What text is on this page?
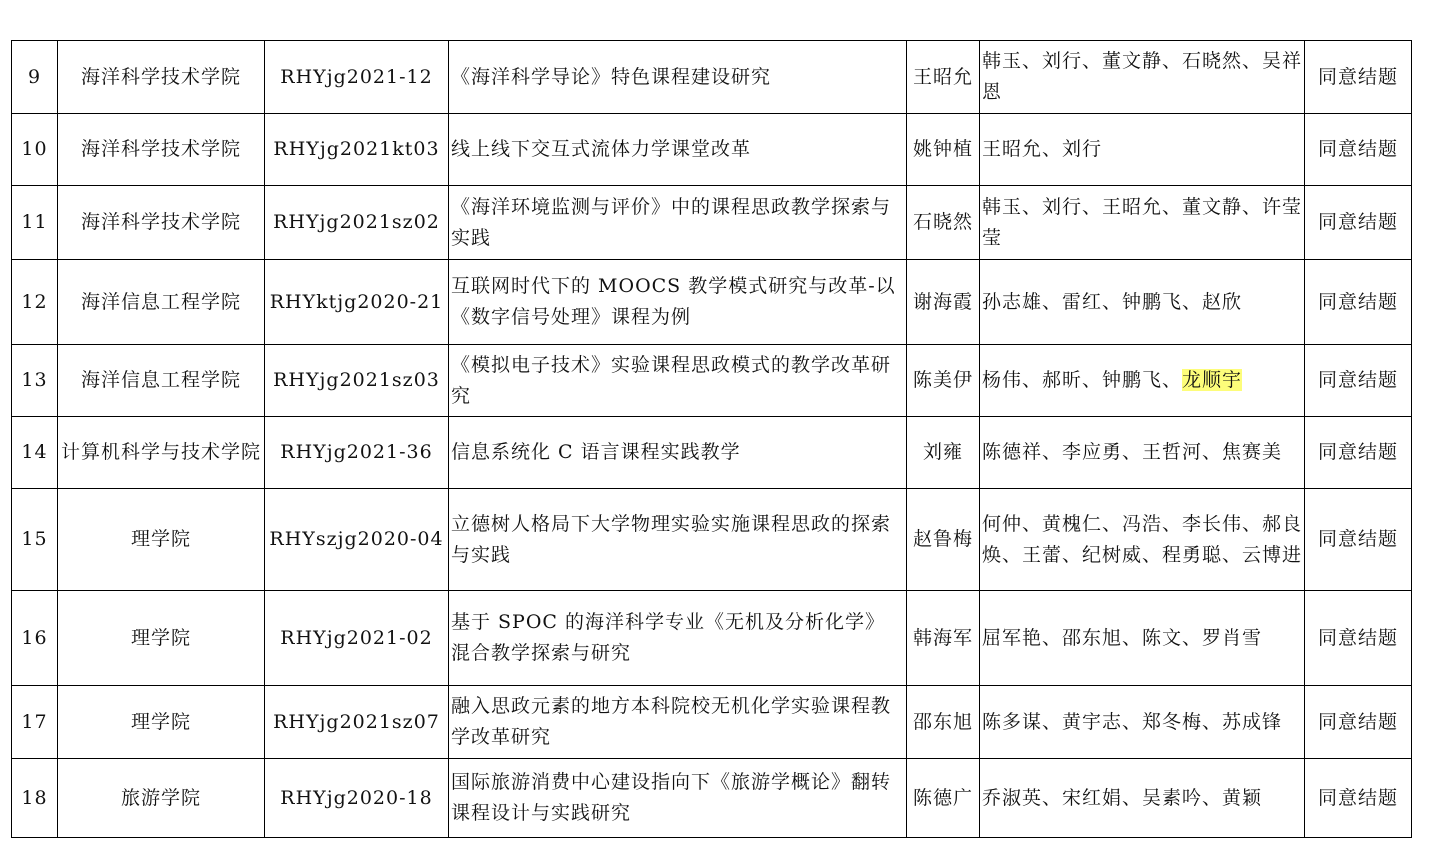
9	海洋科学技术学院	RHYjg2021-12	《海洋科学导论》特色课程建设研究	王昭允	韩玉、刘行、董文静、石晓然、吴祥恩	同意结题
10	海洋科学技术学院	RHYjg2021kt03	线上线下交互式流体力学课堂改革	姚钟植	王昭允、刘行	同意结题
11	海洋科学技术学院	RHYjg2021sz02	《海洋环境监测与评价》中的课程思政教学探索与实践	石晓然	韩玉、刘行、王昭允、董文静、许莹莹	同意结题
12	海洋信息工程学院	RHYktjg2020-21	互联网时代下的 MOOCS 教学模式研究与改革-以《数字信号处理》课程为例	谢海霞	孙志雄、雷红、钟鹏飞、赵欣	同意结题
13	海洋信息工程学院	RHYjg2021sz03	《模拟电子技术》实验课程思政模式的教学改革研究	陈美伊	杨伟、郝昕、钟鹏飞、龙顺宇	同意结题
14	计算机科学与技术学院	RHYjg2021-36	信息系统化 C 语言课程实践教学	刘雍	陈德祥、李应勇、王哲河、焦赛美	同意结题
15	理学院	RHYszjg2020-04	立德树人格局下大学物理实验实施课程思政的探索与实践	赵鲁梅	何仲、黄槐仁、冯浩、李长伟、郝良焕、王蕾、纪树威、程勇聪、云博进	同意结题
16	理学院	RHYjg2021-02	基于 SPOC 的海洋科学专业《无机及分析化学》混合教学探索与研究	韩海军	屈军艳、邵东旭、陈文、罗肖雪	同意结题
17	理学院	RHYjg2021sz07	融入思政元素的地方本科院校无机化学实验课程教学改革研究	邵东旭	陈多谋、黄宇志、郑冬梅、苏成锋	同意结题
18	旅游学院	RHYjg2020-18	国际旅游消费中心建设指向下《旅游学概论》翻转课程设计与实践研究	陈德广	乔淑英、宋红娟、吴素吟、黄颖	同意结题
